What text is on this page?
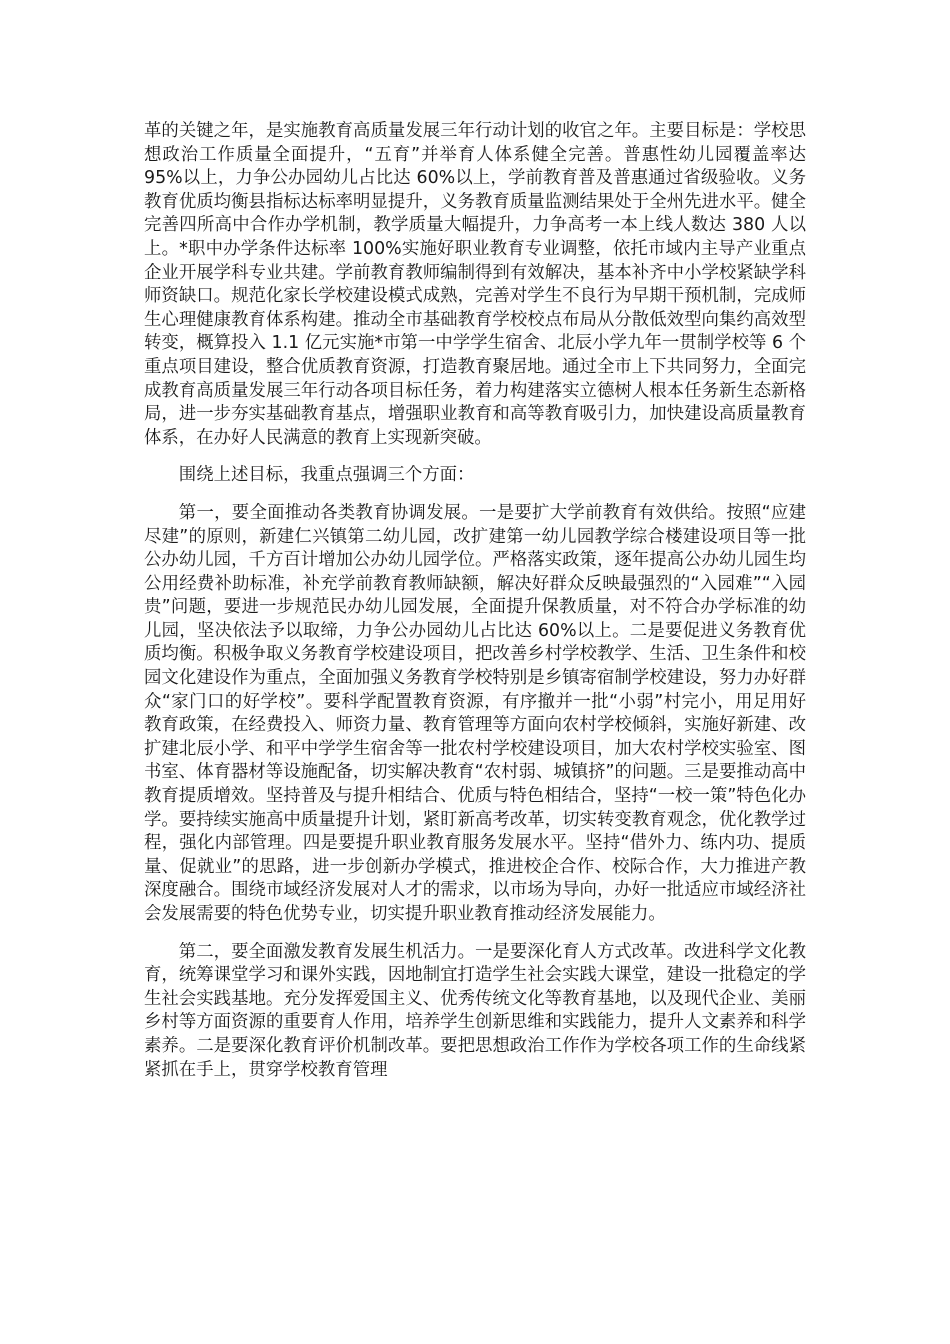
革的关键之年，是实施教育高质量发展三年行动计划的收官之年。主要目标是：学校思想政治工作质量全面提升，“五育”并举育人体系健全完善。普惠性幼儿园覆盖率达 95%以上，力争公办园幼儿占比达 60%以上，学前教育普及普惠通过省级验收。义务教育优质均衡县指标达标率明显提升，义务教育质量监测结果处于全州先进水平。健全完善四所高中合作办学机制，教学质量大幅提升，力争高考一本上线人数达 380 人以上。*职中办学条件达标率 100%实施好职业教育专业调整，依托市域内主导产业重点企业开展学科专业共建。学前教育教师编制得到有效解决，基本补齐中小学校紧缺学科师资缺口。规范化家长学校建设模式成熟，完善对学生不良行为早期干预机制，完成师生心理健康教育体系构建。推动全市基础教育学校校点布局从分散低效型向集约高效型转变，概算投入 1.1 亿元实施*市第一中学学生宿舍、北辰小学九年一贯制学校等 6 个重点项目建设，整合优质教育资源，打造教育聚居地。通过全市上下共同努力，全面完成教育高质量发展三年行动各项目标任务，着力构建落实立德树人根本任务新生态新格局，进一步夯实基础教育基点，增强职业教育和高等教育吸引力，加快建设高质量教育体系，在办好人民满意的教育上实现新突破。

围绕上述目标，我重点强调三个方面：

第一，要全面推动各类教育协调发展。一是要扩大学前教育有效供给。按照“应建尽建”的原则，新建仁兴镇第二幼儿园，改扩建第一幼儿园教学综合楼建设项目等一批公办幼儿园，千方百计增加公办幼儿园学位。严格落实政策，逐年提高公办幼儿园生均公用经费补助标准，补充学前教育教师缺额，解决好群众反映最强烈的“入园难”“入园贵”问题，要进一步规范民办幼儿园发展，全面提升保教质量，对不符合办学标准的幼儿园，坚决依法予以取缔，力争公办园幼儿占比达 60%以上。二是要促进义务教育优质均衡。积极争取义务教育学校建设项目，把改善乡村学校教学、生活、卫生条件和校园文化建设作为重点，全面加强义务教育学校特别是乡镇寄宿制学校建设，努力办好群众“家门口的好学校”。要科学配置教育资源，有序撤并一批“小弱”村完小，用足用好教育政策，在经费投入、师资力量、教育管理等方面向农村学校倾斜，实施好新建、改扩建北辰小学、和平中学学生宿舍等一批农村学校建设项目，加大农村学校实验室、图书室、体育器材等设施配备，切实解决教育“农村弱、城镇挤”的问题。三是要推动高中教育提质增效。坚持普及与提升相结合、优质与特色相结合，坚持“一校一策”特色化办学。要持续实施高中质量提升计划，紧盯新高考改革，切实转变教育观念，优化教学过程，强化内部管理。四是要提升职业教育服务发展水平。坚持“借外力、练内功、提质量、促就业”的思路，进一步创新办学模式，推进校企合作、校际合作，大力推进产教深度融合。围绕市域经济发展对人才的需求，以市场为导向，办好一批适应市域经济社会发展需要的特色优势专业，切实提升职业教育推动经济发展能力。

第二，要全面激发教育发展生机活力。一是要深化育人方式改革。改进科学文化教育，统筹课堂学习和课外实践，因地制宜打造学生社会实践大课堂，建设一批稳定的学生社会实践基地。充分发挥爱国主义、优秀传统文化等教育基地，以及现代企业、美丽乡村等方面资源的重要育人作用，培养学生创新思维和实践能力，提升人文素养和科学素养。二是要深化教育评价机制改革。要把思想政治工作作为学校各项工作的生命线紧紧抓在手上，贯穿学校教育管理
